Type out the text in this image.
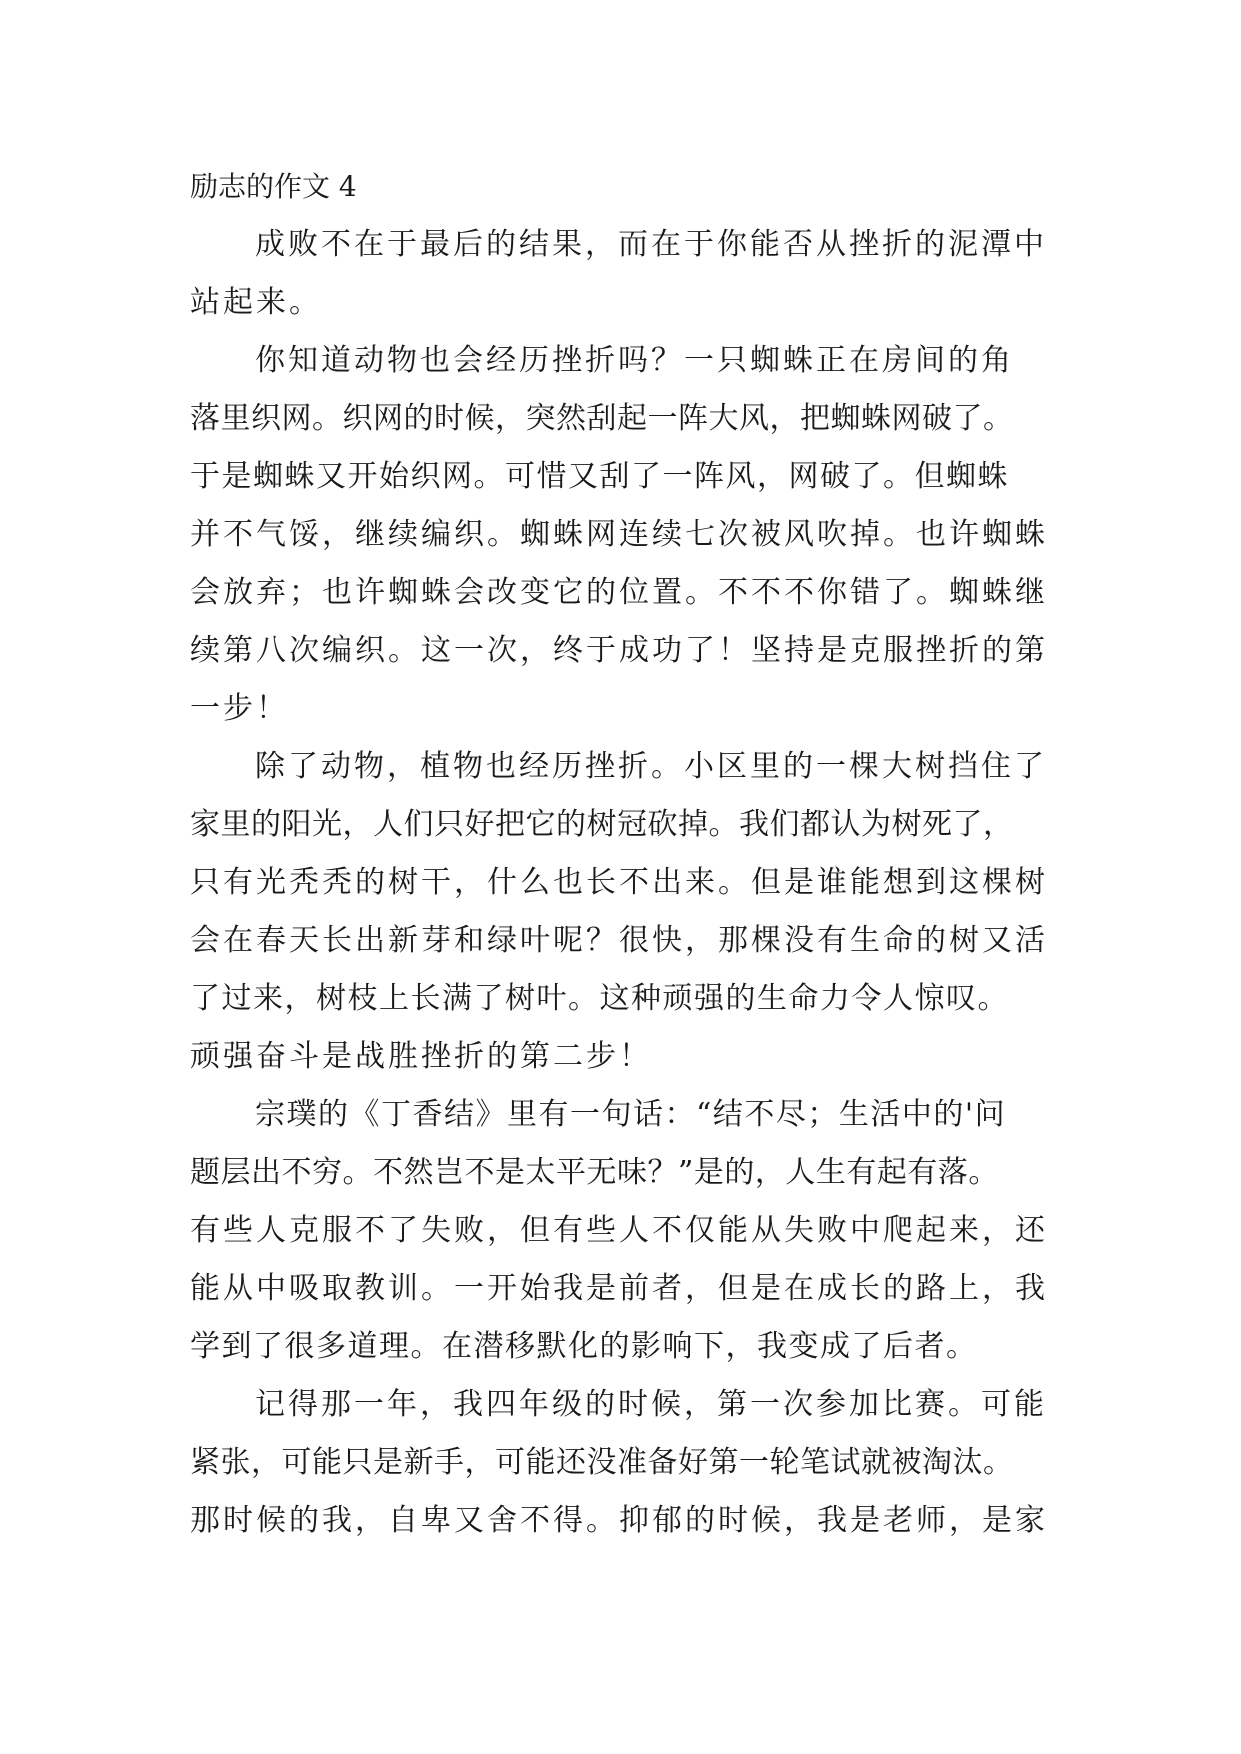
励志的作文 4

成败不在于最后的结果，而在于你能否从挫折的泥潭中

站起来。

你知道动物也会经历挫折吗？一只蜘蛛正在房间的角

落里织网。织网的时候，突然刮起一阵大风，把蜘蛛网破了。

于是蜘蛛又开始织网。可惜又刮了一阵风，网破了。但蜘蛛

并不气馁，继续编织。蜘蛛网连续七次被风吹掉。也许蜘蛛

会放弃；也许蜘蛛会改变它的位置。不不不你错了。蜘蛛继

续第八次编织。这一次，终于成功了！坚持是克服挫折的第

一步！

除了动物，植物也经历挫折。小区里的一棵大树挡住了

家里的阳光，人们只好把它的树冠砍掉。我们都认为树死了，

只有光秃秃的树干，什么也长不出来。但是谁能想到这棵树

会在春天长出新芽和绿叶呢？很快，那棵没有生命的树又活

了过来，树枝上长满了树叶。这种顽强的生命力令人惊叹。

顽强奋斗是战胜挫折的第二步！

宗璞的《丁香结》里有一句话：“结不尽；生活中的'问

题层出不穷。不然岂不是太平无味？”是的，人生有起有落。

有些人克服不了失败，但有些人不仅能从失败中爬起来，还

能从中吸取教训。一开始我是前者，但是在成长的路上，我

学到了很多道理。在潜移默化的影响下，我变成了后者。

记得那一年，我四年级的时候，第一次参加比赛。可能

紧张，可能只是新手，可能还没准备好第一轮笔试就被淘汰。

那时候的我，自卑又舍不得。抑郁的时候，我是老师，是家
